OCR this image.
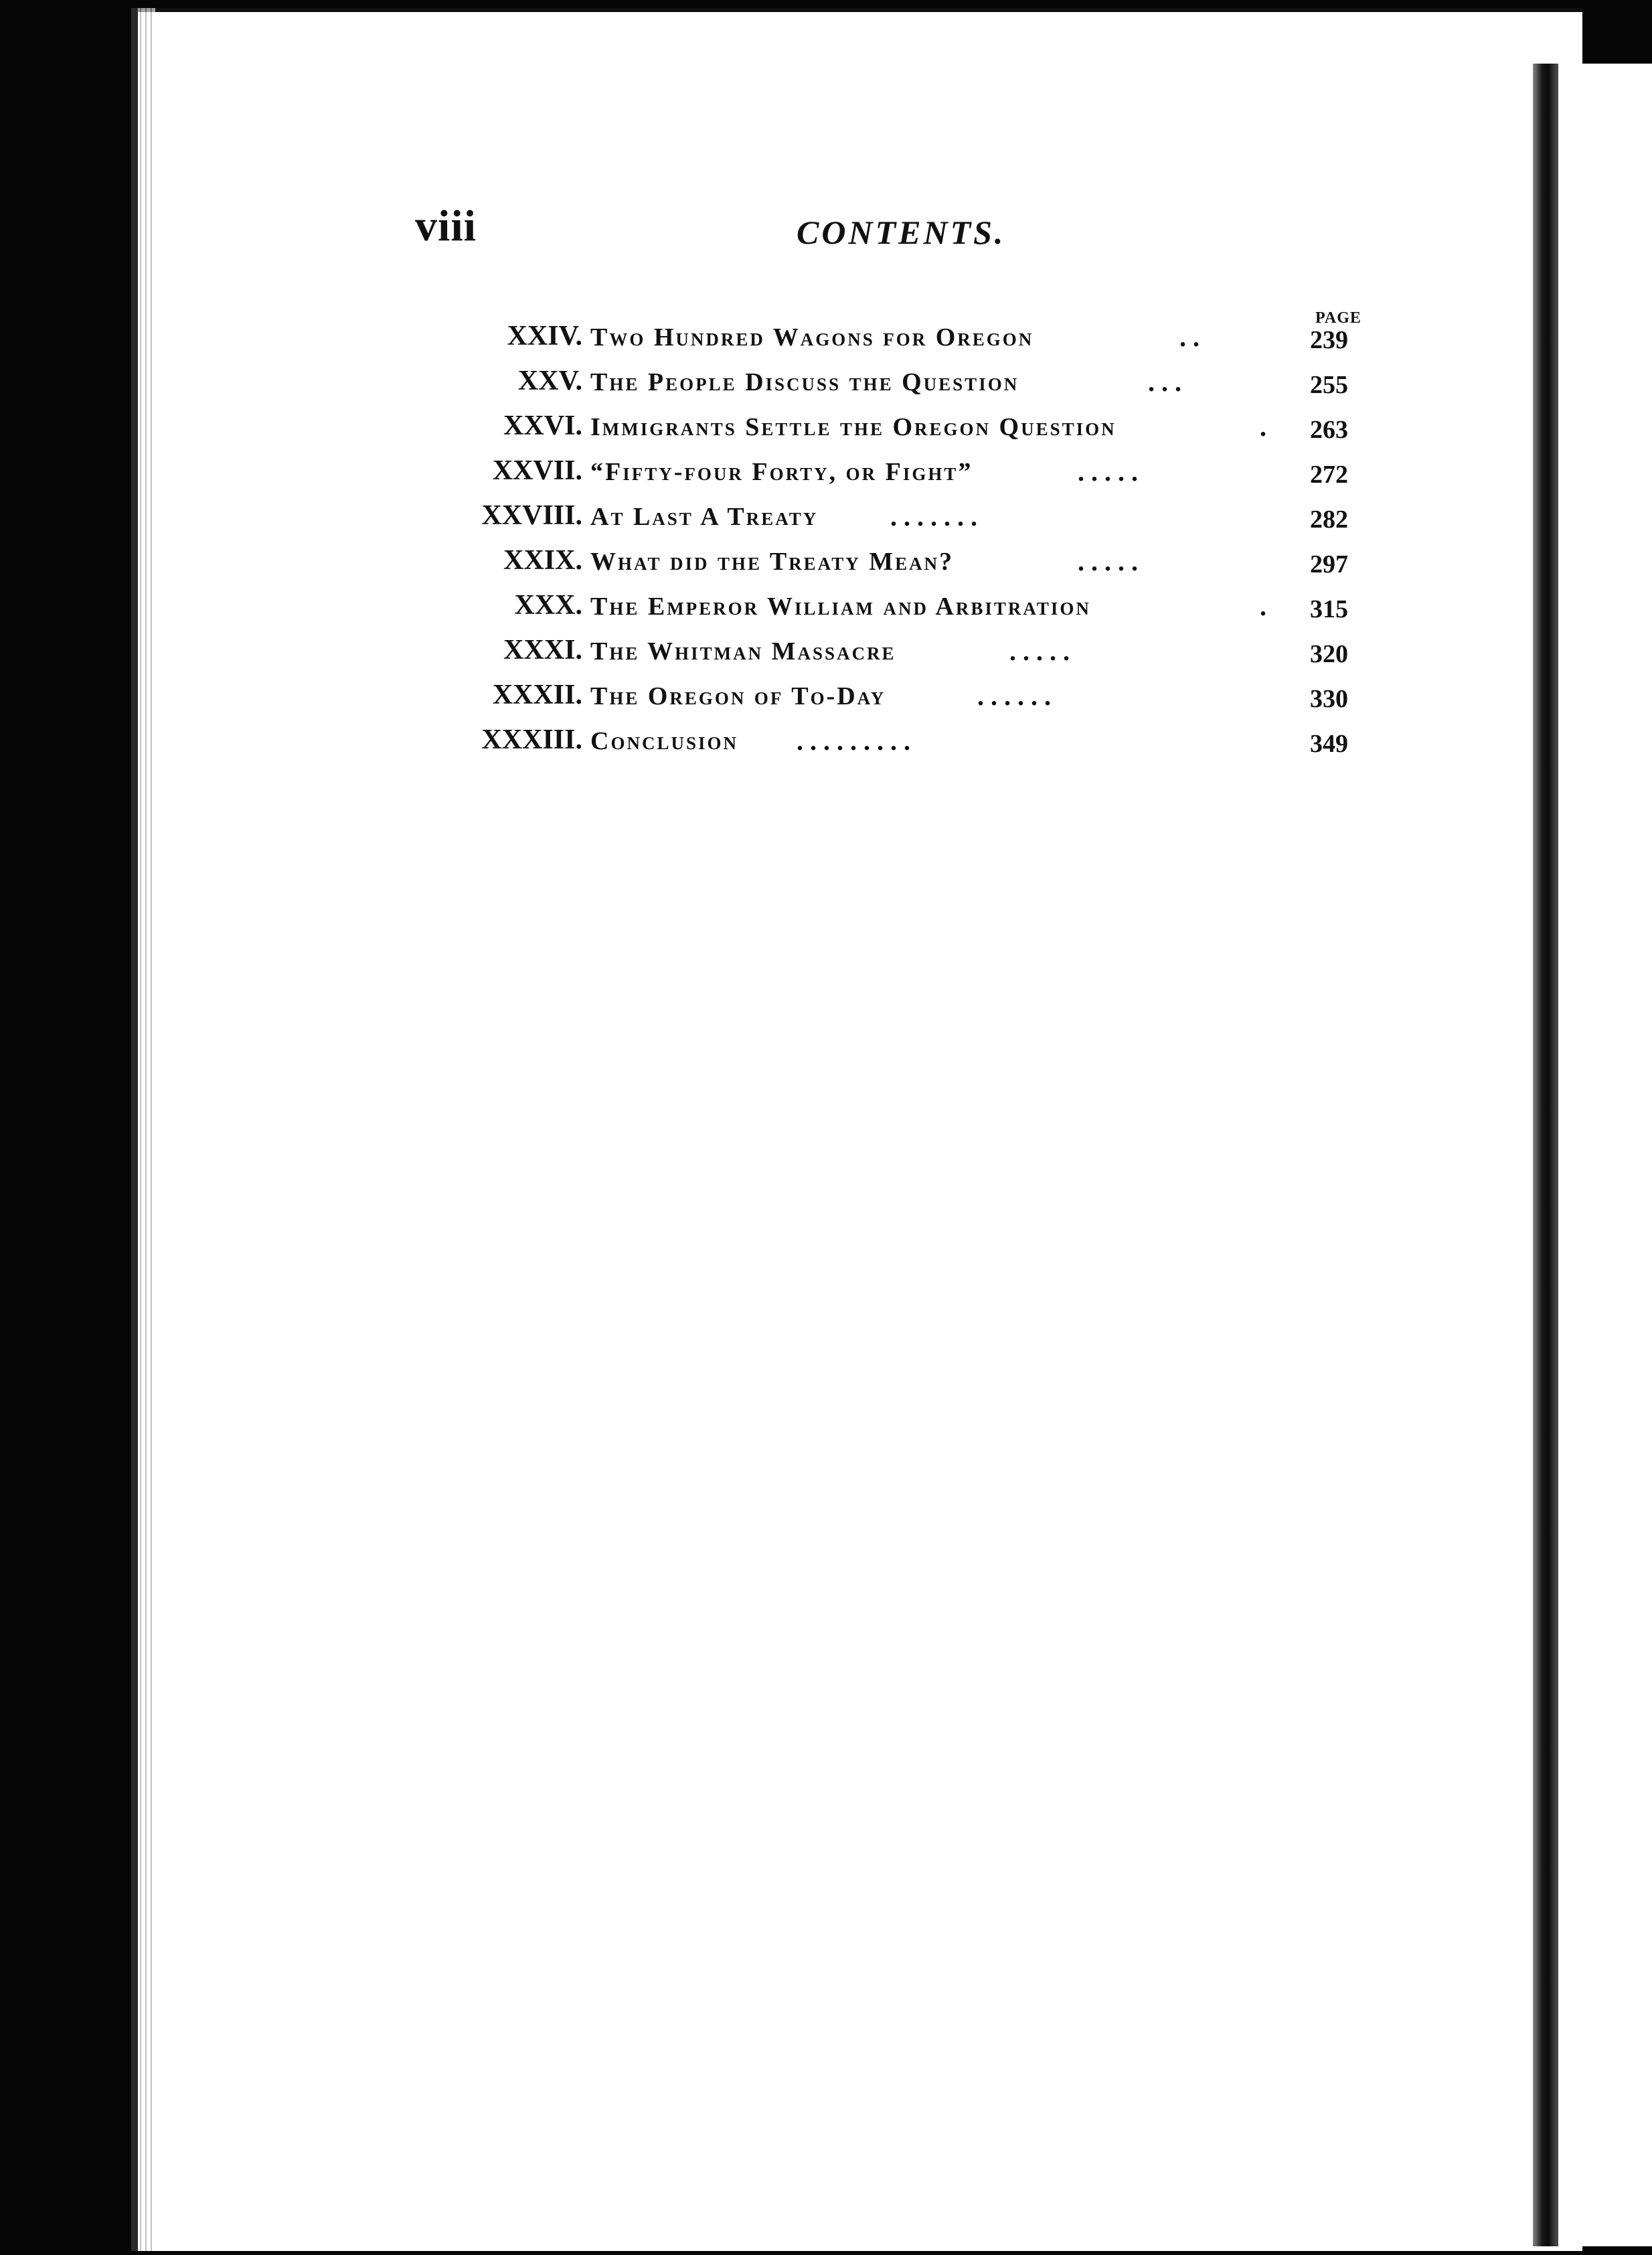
viii	CONTENTS.
PAGE
XXIV. Two Hundred Wagons for Oregon	. .	239
XXV. The People Discuss the Question	. . .	255
XXVI. Immigrants Settle the Oregon Question	. 263
XXVII. “Fifty-four Forty, or Fight”	. . . . .	272
XXVIII. At Last A Treaty	. . . . . . .	282
XXIX. What did the Treaty Mean?	. . . . .	297
XXX. The Emperor William and Arbitration	. 315
XXXI. The Whitman Massacre	. . . . .	320
XXXII. The Oregon of To-Day	. . . . . .	330
XXXIII. Conclusion . . . . . . . . .	349
